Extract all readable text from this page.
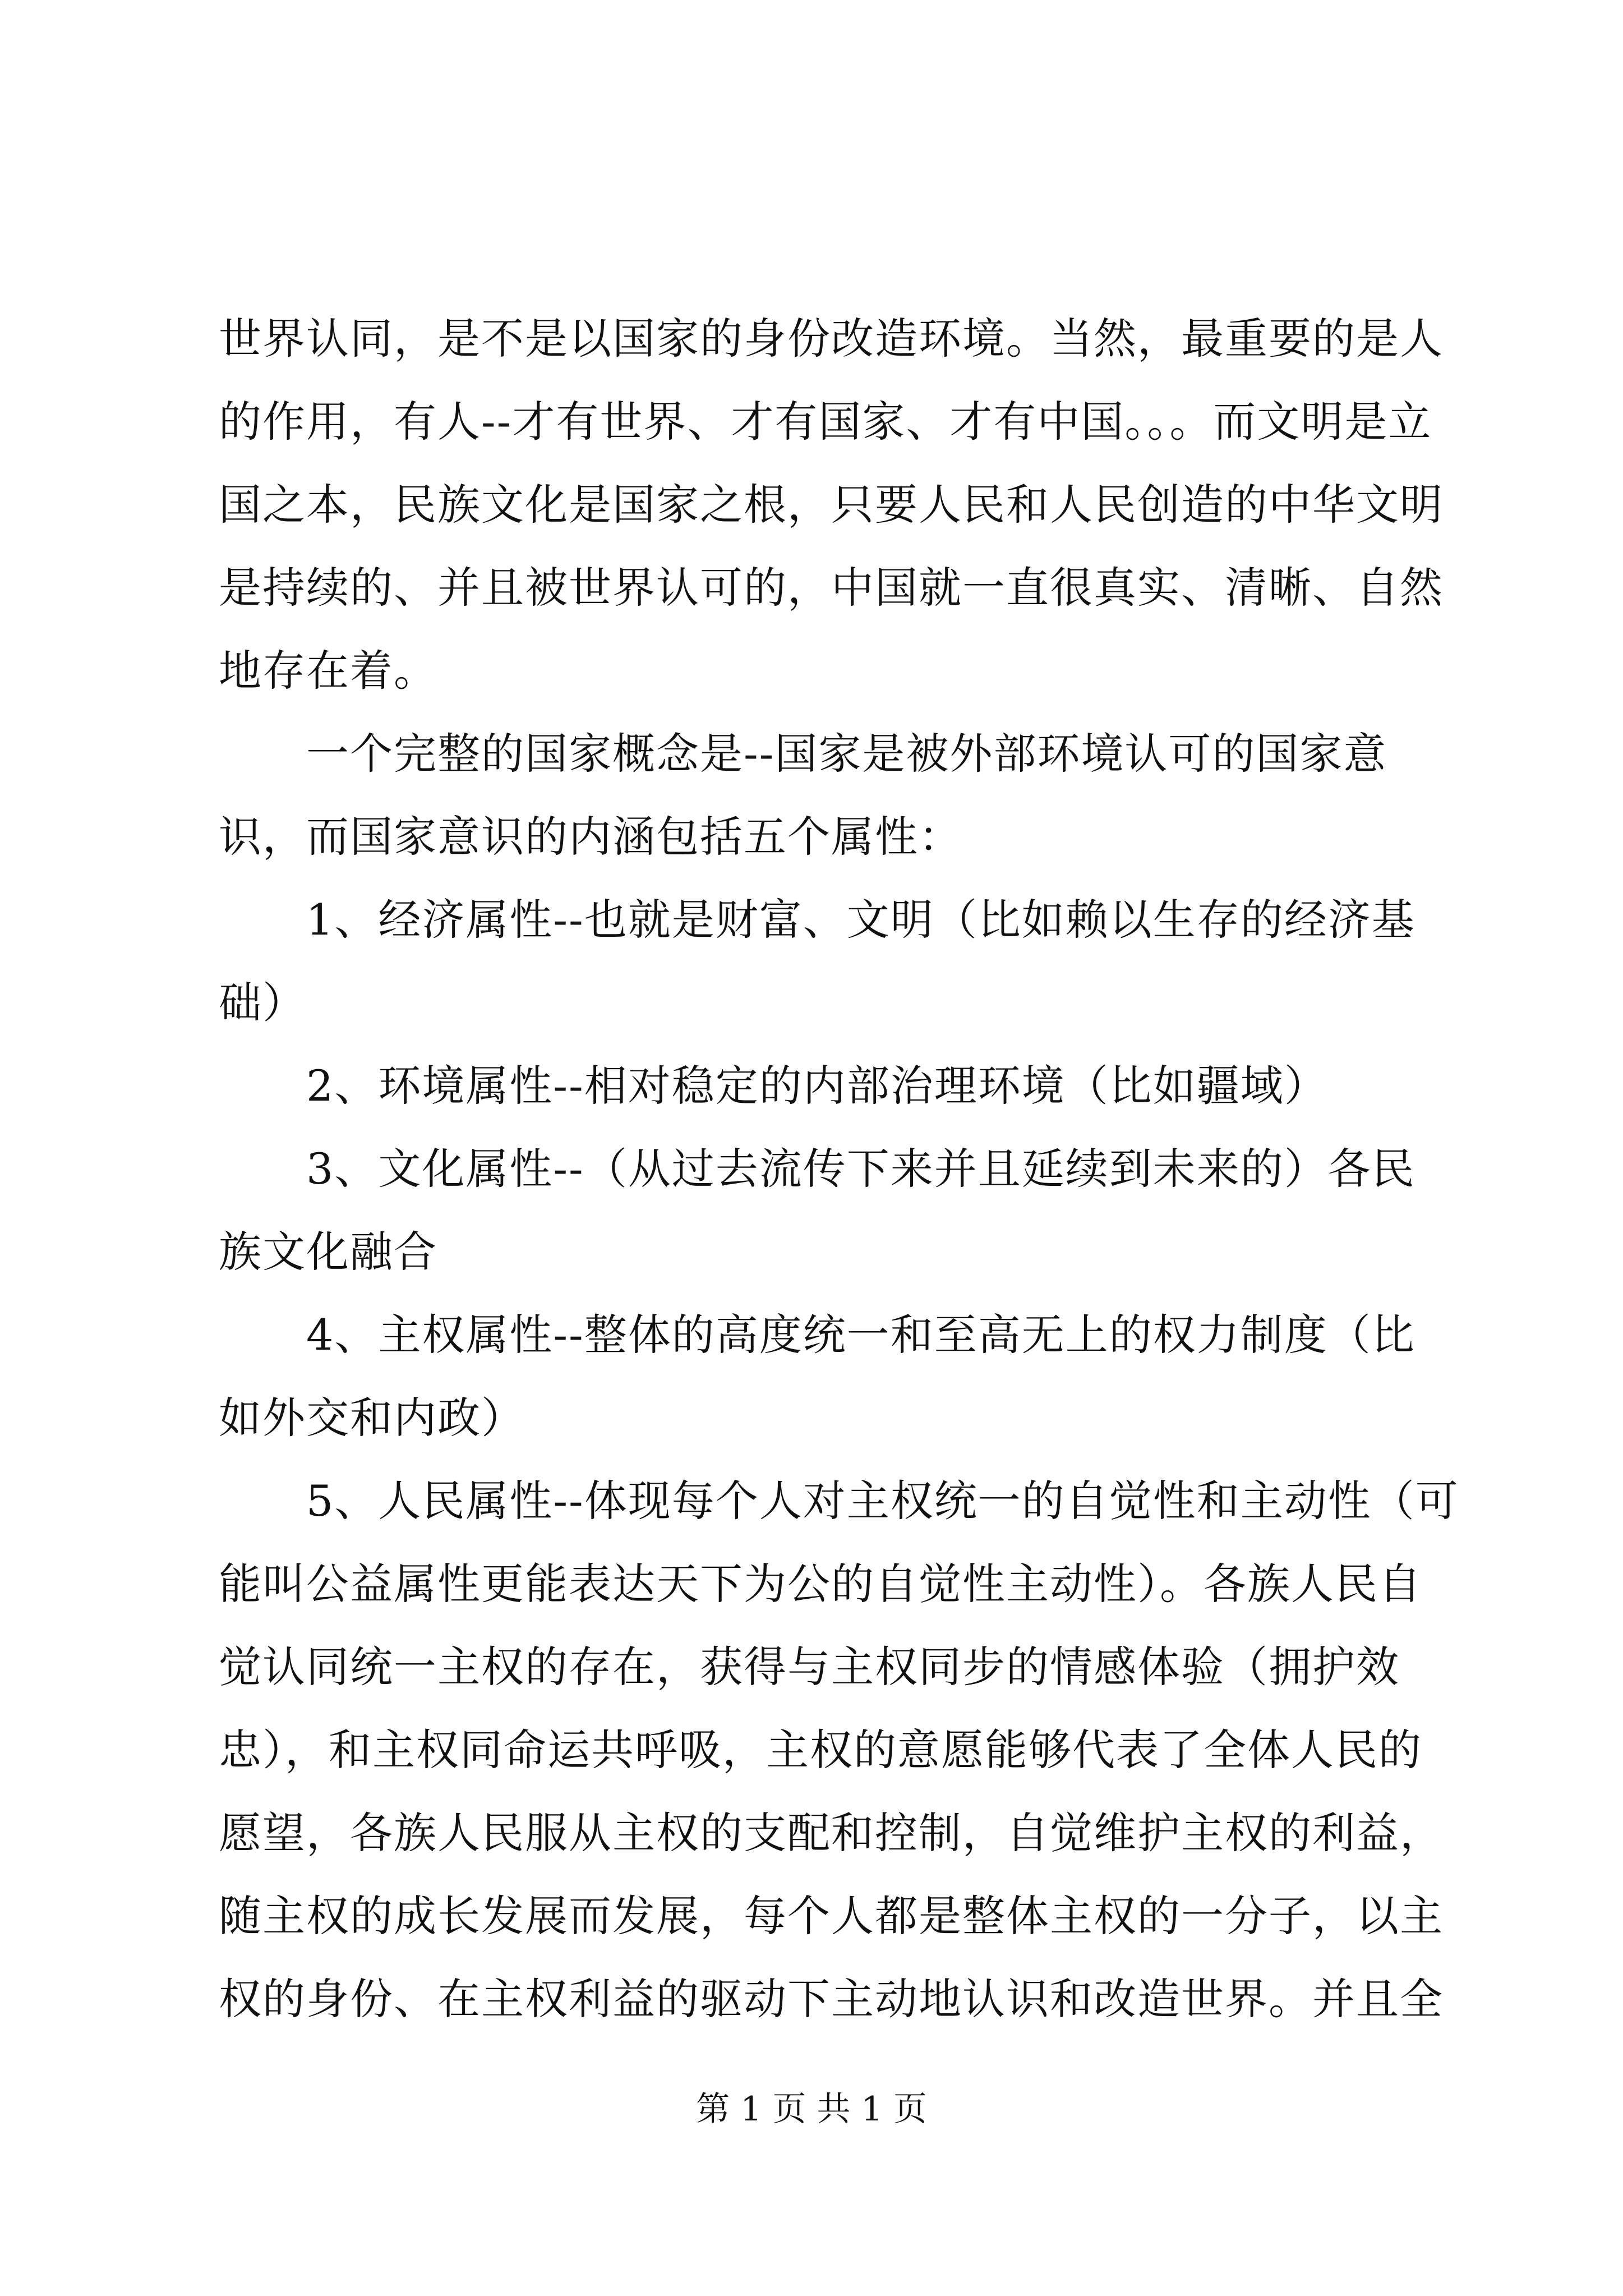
世界认同，是不是以国家的身份改造环境。当然，最重要的是人
的作用，有人--才有世界、才有国家、才有中国。。。而文明是立
国之本，民族文化是国家之根，只要人民和人民创造的中华文明
是持续的、并且被世界认可的，中国就一直很真实、清晰、自然
地存在着。
一个完整的国家概念是--国家是被外部环境认可的国家意
识，而国家意识的内涵包括五个属性：
1、经济属性--也就是财富、文明（比如赖以生存的经济基
础）
2、环境属性--相对稳定的内部治理环境（比如疆域）
3、文化属性--（从过去流传下来并且延续到未来的）各民
族文化融合
4、主权属性--整体的高度统一和至高无上的权力制度（比
如外交和内政）
5、人民属性--体现每个人对主权统一的自觉性和主动性（可
能叫公益属性更能表达天下为公的自觉性主动性）。各族人民自
觉认同统一主权的存在，获得与主权同步的情感体验（拥护效
忠），和主权同命运共呼吸，主权的意愿能够代表了全体人民的
愿望，各族人民服从主权的支配和控制，自觉维护主权的利益，
随主权的成长发展而发展，每个人都是整体主权的一分子，以主
权的身份、在主权利益的驱动下主动地认识和改造世界。并且全
第 1 页 共 1 页
